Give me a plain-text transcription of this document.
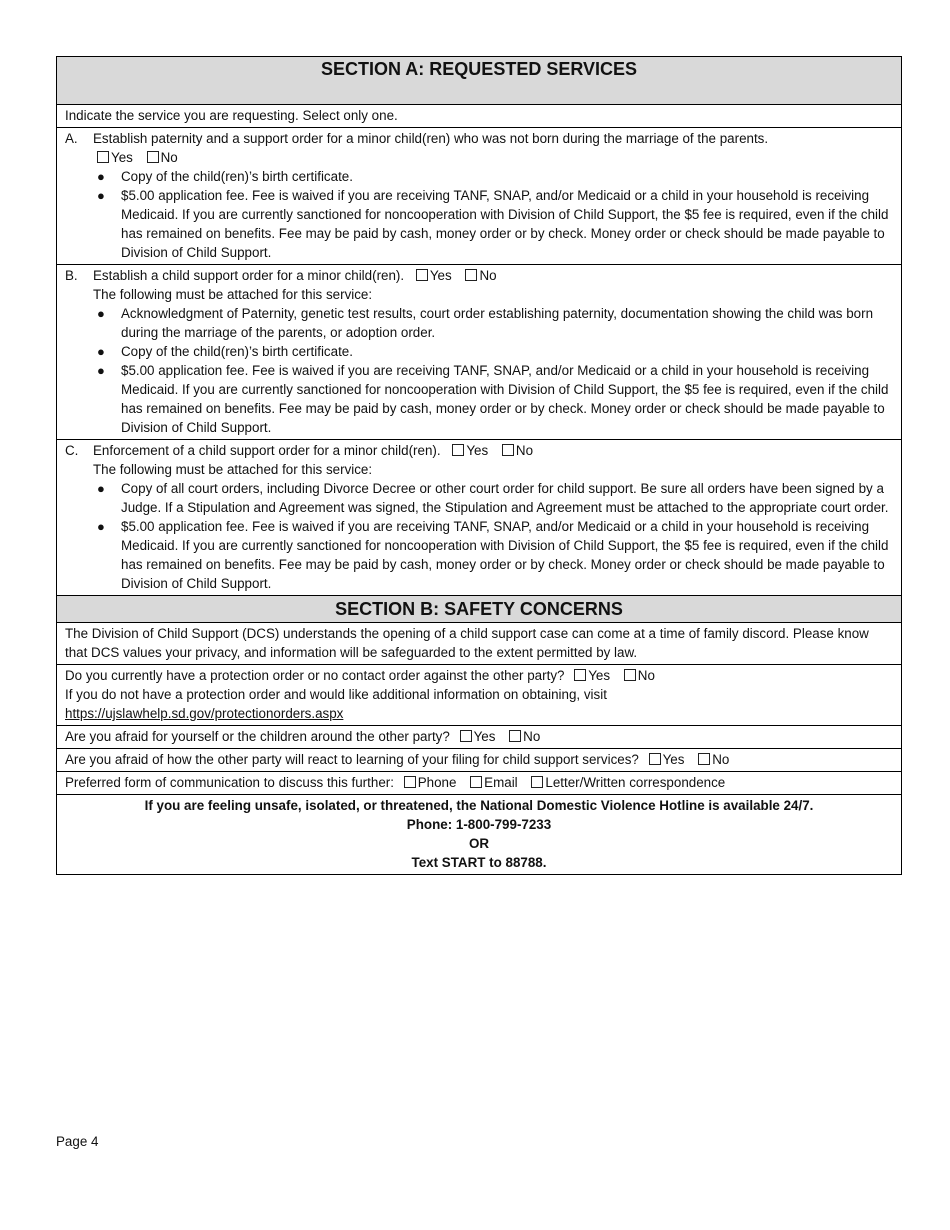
SECTION A: REQUESTED SERVICES
Indicate the service you are requesting. Select only one.

A. Establish paternity and a support order for a minor child(ren) who was not born during the marriage of the parents.
Yes No
● Copy of the child(ren)’s birth certificate.
● $5.00 application fee. Fee is waived if you are receiving TANF, SNAP, and/or Medicaid or a child in your household is receiving Medicaid. If you are currently sanctioned for noncooperation with Division of Child Support, the $5 fee is required, even if the child has remained on benefits. Fee may be paid by cash, money order or by check. Money order or check should be made payable to Division of Child Support.

B. Establish a child support order for a minor child(ren). Yes No
The following must be attached for this service:
● Acknowledgment of Paternity, genetic test results, court order establishing paternity, documentation showing the child was born during the marriage of the parents, or adoption order.
● Copy of the child(ren)’s birth certificate.
● $5.00 application fee. Fee is waived if you are receiving TANF, SNAP, and/or Medicaid or a child in your household is receiving Medicaid. If you are currently sanctioned for noncooperation with Division of Child Support, the $5 fee is required, even if the child has remained on benefits. Fee may be paid by cash, money order or by check. Money order or check should be made payable to Division of Child Support.

C. Enforcement of a child support order for a minor child(ren). Yes No
The following must be attached for this service:
● Copy of all court orders, including Divorce Decree or other court order for child support. Be sure all orders have been signed by a Judge. If a Stipulation and Agreement was signed, the Stipulation and Agreement must be attached to the appropriate court order.
● $5.00 application fee. Fee is waived if you are receiving TANF, SNAP, and/or Medicaid or a child in your household is receiving Medicaid. If you are currently sanctioned for noncooperation with Division of Child Support, the $5 fee is required, even if the child has remained on benefits. Fee may be paid by cash, money order or by check. Money order or check should be made payable to Division of Child Support.

SECTION B: SAFETY CONCERNS
The Division of Child Support (DCS) understands the opening of a child support case can come at a time of family discord. Please know that DCS values your privacy, and information will be safeguarded to the extent permitted by law.
Do you currently have a protection order or no contact order against the other party? Yes No
If you do not have a protection order and would like additional information on obtaining, visit
https://ujslawhelp.sd.gov/protectionorders.aspx

Are you afraid for yourself or the children around the other party? Yes No
Are you afraid of how the other party will react to learning of your filing for child support services? Yes No
Preferred form of communication to discuss this further: Phone Email Letter/Written correspondence

If you are feeling unsafe, isolated, or threatened, the National Domestic Violence Hotline is available 24/7.
Phone: 1-800-799-7233
OR
Text START to 88788.
Page 4
